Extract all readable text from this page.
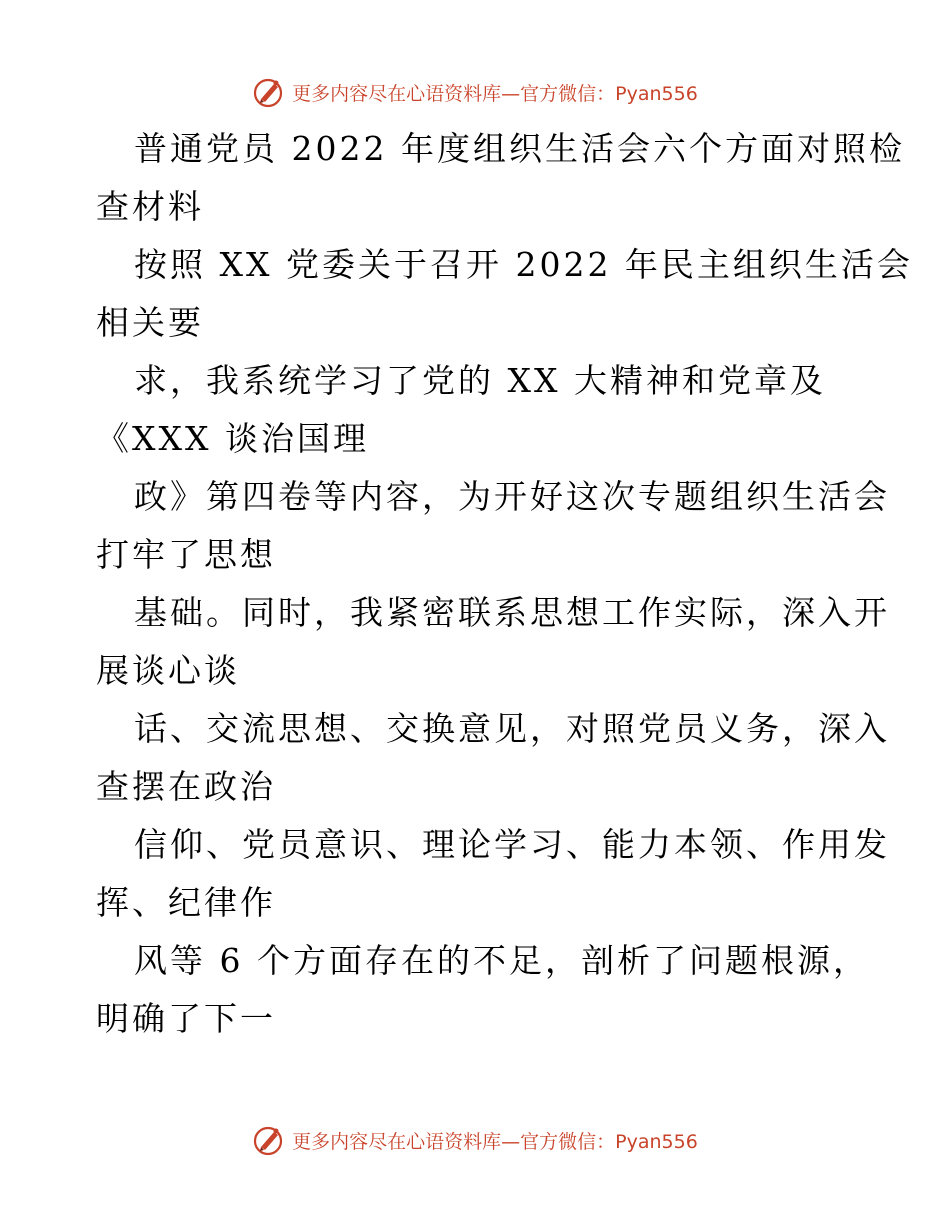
更多内容尽在心语资料库—官方微信：Pyan556
普通党员 2022 年度组织生活会六个方面对照检
查材料
按照 XX 党委关于召开 2022 年民主组织生活会
相关要
求，我系统学习了党的 XX 大精神和党章及
《XXX 谈治国理
政》第四卷等内容，为开好这次专题组织生活会
打牢了思想
基础。同时，我紧密联系思想工作实际，深入开
展谈心谈
话、交流思想、交换意见，对照党员义务，深入
查摆在政治
信仰、党员意识、理论学习、能力本领、作用发
挥、纪律作
风等 6 个方面存在的不足，剖析了问题根源，
明确了下一
更多内容尽在心语资料库—官方微信：Pyan556
